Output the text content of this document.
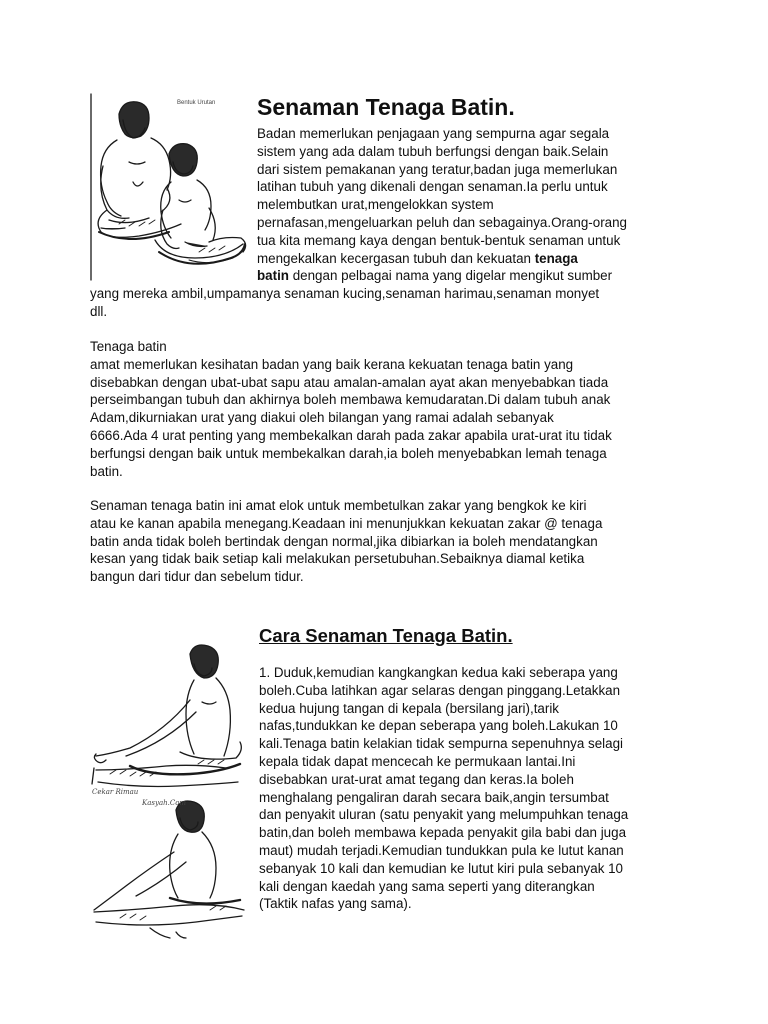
Bentuk Urutan Senaman Tenaga Batin.

Badan memerlukan penjagaan yang sempurna agar segala

sistem yang ada dalam tubuh berfungsi dengan baik.Selain

dari sistem pemakanan yang teratur,badan juga memerlukan

latihan tubuh yang dikenali dengan senaman.Ia perlu untuk

melembutkan urat,mengelokkan system

pernafasan,mengeluarkan peluh dan sebagainya.Orang-orang

tua kita memang kaya dengan bentuk-bentuk senaman untuk

mengekalkan kecergasan tubuh dan kekuatan tenaga

batin dengan pelbagai nama yang digelar mengikut sumber

yang mereka ambil,umpamanya senaman kucing,senaman harimau,senaman monyet

dll.

Tenaga batin

amat memerlukan kesihatan badan yang baik kerana kekuatan tenaga batin yang

disebabkan dengan ubat-ubat sapu atau amalan-amalan ayat akan menyebabkan tiada

perseimbangan tubuh dan akhirnya boleh membawa kemudaratan.Di dalam tubuh anak

Adam,dikurniakan urat yang diakui oleh bilangan yang ramai adalah sebanyak

6666.Ada 4 urat penting yang membekalkan darah pada zakar apabila urat-urat itu tidak

berfungsi dengan baik untuk membekalkan darah,ia boleh menyebabkan lemah tenaga

batin.

Senaman tenaga batin ini amat elok untuk membetulkan zakar yang bengkok ke kiri

atau ke kanan apabila menegang.Keadaan ini menunjukkan kekuatan zakar @ tenaga

batin anda tidak boleh bertindak dengan normal,jika dibiarkan ia boleh mendatangkan

kesan yang tidak baik setiap kali melakukan persetubuhan.Sebaiknya diamal ketika

bangun dari tidur dan sebelum tidur.

Cara Senaman Tenaga Batin.
Cekar Rimau
Kasyah.Com

1. Duduk,kemudian kangkangkan kedua kaki seberapa yang

boleh.Cuba latihkan agar selaras dengan pinggang.Letakkan

kedua hujung tangan di kepala (bersilang jari),tarik

nafas,tundukkan ke depan seberapa yang boleh.Lakukan 10

kali.Tenaga batin kelakian tidak sempurna sepenuhnya selagi

kepala tidak dapat mencecah ke permukaan lantai.Ini

disebabkan urat-urat amat tegang dan keras.Ia boleh

menghalang pengaliran darah secara baik,angin tersumbat

dan penyakit uluran (satu penyakit yang melumpuhkan tenaga

batin,dan boleh membawa kepada penyakit gila babi dan juga

maut) mudah terjadi.Kemudian tundukkan pula ke lutut kanan

sebanyak 10 kali dan kemudian ke lutut kiri pula sebanyak 10

kali dengan kaedah yang sama seperti yang diterangkan

(Taktik nafas yang sama).
